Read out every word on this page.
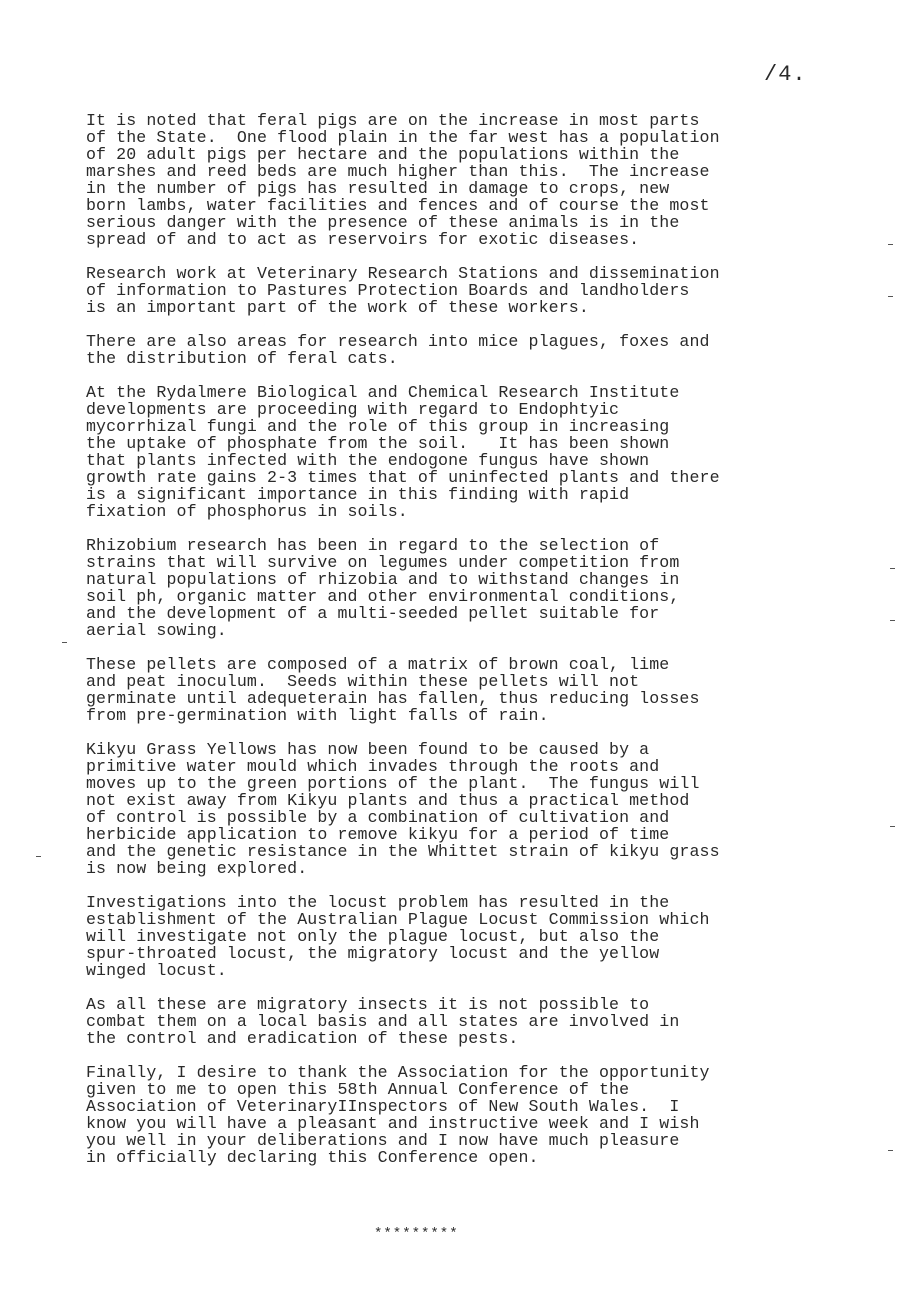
/4.

It is noted that feral pigs are on the increase in most parts
of the State.  One flood plain in the far west has a population
of 20 adult pigs per hectare and the populations within the
marshes and reed beds are much higher than this.  The increase
in the number of pigs has resulted in damage to crops, new
born lambs, water facilities and fences and of course the most
serious danger with the presence of these animals is in the
spread of and to act as reservoirs for exotic diseases.

Research work at Veterinary Research Stations and dissemination
of information to Pastures Protection Boards and landholders
is an important part of the work of these workers.

There are also areas for research into mice plagues, foxes and
the distribution of feral cats.

At the Rydalmere Biological and Chemical Research Institute
developments are proceeding with regard to Endophtyic
mycorrhizal fungi and the role of this group in increasing
the uptake of phosphate from the soil.   It has been shown
that plants infected with the endogone fungus have shown
growth rate gains 2-3 times that of uninfected plants and there
is a significant importance in this finding with rapid
fixation of phosphorus in soils.

Rhizobium research has been in regard to the selection of
strains that will survive on legumes under competition from
natural populations of rhizobia and to withstand changes in
soil ph, organic matter and other environmental conditions,
and the development of a multi-seeded pellet suitable for
aerial sowing.

These pellets are composed of a matrix of brown coal, lime
and peat inoculum.  Seeds within these pellets will not
germinate until adequeterain has fallen, thus reducing losses
from pre-germination with light falls of rain.

Kikyu Grass Yellows has now been found to be caused by a
primitive water mould which invades through the roots and
moves up to the green portions of the plant.  The fungus will
not exist away from Kikyu plants and thus a practical method
of control is possible by a combination of cultivation and
herbicide application to remove kikyu for a period of time
and the genetic resistance in the Whittet strain of kikyu grass
is now being explored.

Investigations into the locust problem has resulted in the
establishment of the Australian Plague Locust Commission which
will investigate not only the plague locust, but also the
spur-throated locust, the migratory locust and the yellow
winged locust.

As all these are migratory insects it is not possible to
combat them on a local basis and all states are involved in
the control and eradication of these pests.

Finally, I desire to thank the Association for the opportunity
given to me to open this 58th Annual Conference of the
Association of VeterinaryIInspectors of New South Wales.  I
know you will have a pleasant and instructive week and I wish
you well in your deliberations and I now have much pleasure
in officially declaring this Conference open.

*********
